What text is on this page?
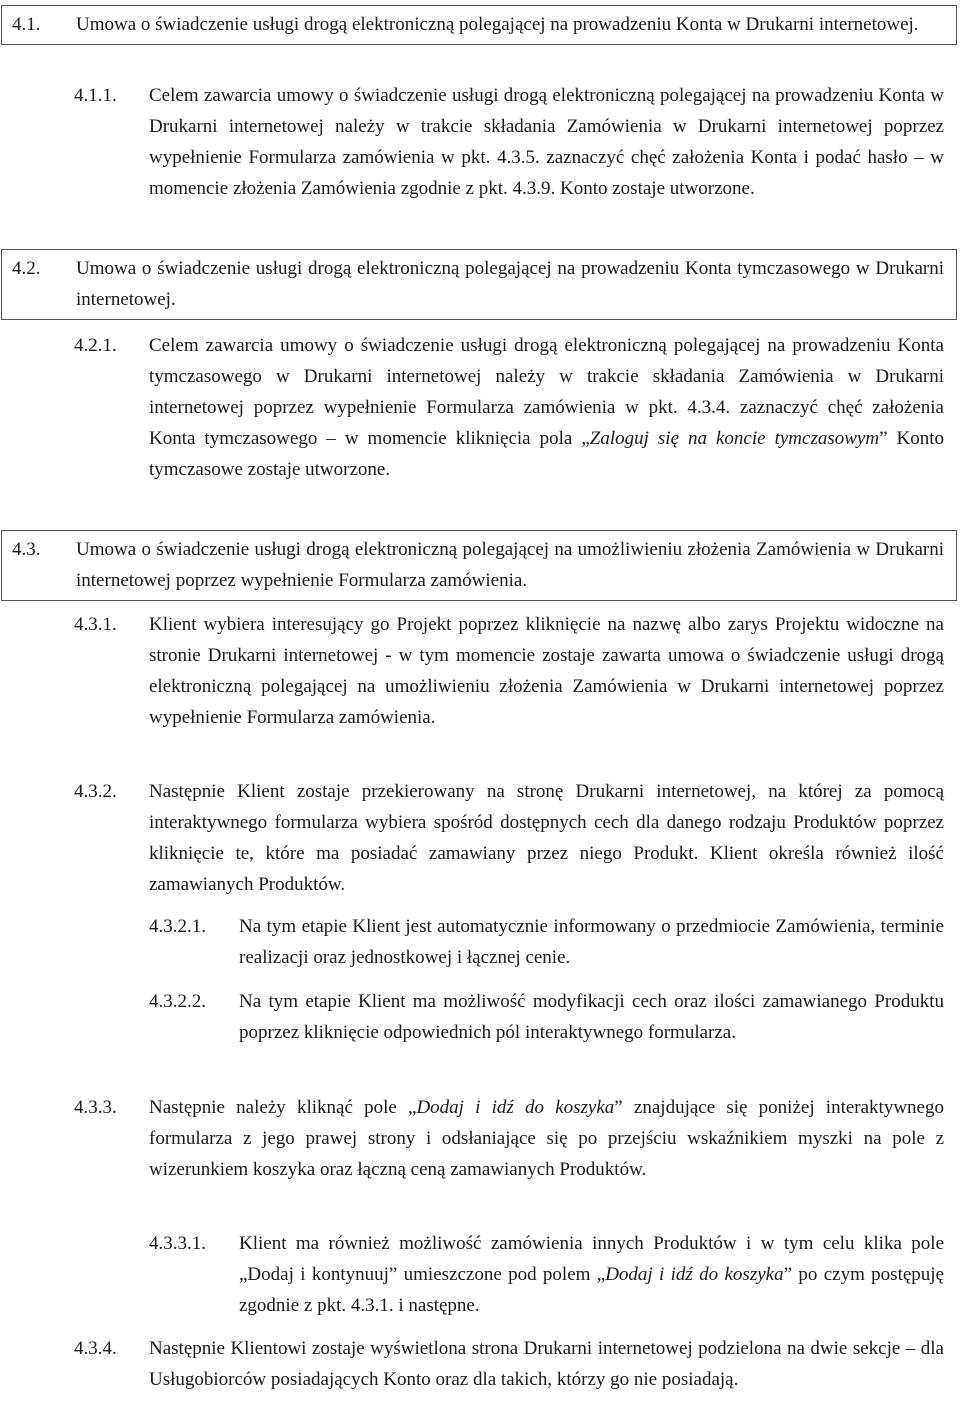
4.1.	Umowa o świadczenie usługi drogą elektroniczną polegającej na prowadzeniu Konta w Drukarni internetowej.
4.1.1. Celem zawarcia umowy o świadczenie usługi drogą elektroniczną polegającej na prowadzeniu Konta w Drukarni internetowej należy w trakcie składania Zamówienia w Drukarni internetowej poprzez wypełnienie Formularza zamówienia w pkt. 4.3.5. zaznaczyć chęć założenia Konta i podać hasło – w momencie złożenia Zamówienia zgodnie z pkt. 4.3.9. Konto zostaje utworzone.
4.2.	Umowa o świadczenie usługi drogą elektroniczną polegającej na prowadzeniu Konta tymczasowego w Drukarni internetowej.
4.2.1. Celem zawarcia umowy o świadczenie usługi drogą elektroniczną polegającej na prowadzeniu Konta tymczasowego w Drukarni internetowej należy w trakcie składania Zamówienia w Drukarni internetowej poprzez wypełnienie Formularza zamówienia w pkt. 4.3.4. zaznaczyć chęć założenia Konta tymczasowego – w momencie kliknięcia pola „Zaloguj się na koncie tymczasowym” Konto tymczasowe zostaje utworzone.
4.3.	Umowa o świadczenie usługi drogą elektroniczną polegającej na umożliwieniu złożenia Zamówienia w Drukarni internetowej poprzez wypełnienie Formularza zamówienia.
4.3.1. Klient wybiera interesujący go Projekt poprzez kliknięcie na nazwę albo zarys Projektu widoczne na stronie Drukarni internetowej - w tym momencie zostaje zawarta umowa o świadczenie usługi drogą elektroniczną polegającej na umożliwieniu złożenia Zamówienia w Drukarni internetowej poprzez wypełnienie Formularza zamówienia.
4.3.2. Następnie Klient zostaje przekierowany na stronę Drukarni internetowej, na której za pomocą interaktywnego formularza wybiera spośród dostępnych cech dla danego rodzaju Produktów poprzez kliknięcie te, które ma posiadać zamawiany przez niego Produkt. Klient określa również ilość zamawianych Produktów.
4.3.2.1. Na tym etapie Klient jest automatycznie informowany o przedmiocie Zamówienia, terminie realizacji oraz jednostkowej i łącznej cenie.
4.3.2.2. Na tym etapie Klient ma możliwość modyfikacji cech oraz ilości zamawianego Produktu poprzez kliknięcie odpowiednich pól interaktywnego formularza.
4.3.3. Następnie należy kliknąć pole „Dodaj i idź do koszyka” znajdujące się poniżej interaktywnego formularza z jego prawej strony i odsłaniające się po przejściu wskaźnikiem myszki na pole z wizerunkiem koszyka oraz łączną ceną zamawianych Produktów.
4.3.3.1. Klient ma również możliwość zamówienia innych Produktów i w tym celu klika pole „Dodaj i kontynuuj” umieszczone pod polem „Dodaj i idź do koszyka” po czym postępuję zgodnie z pkt. 4.3.1. i następne.
4.3.4. Następnie Klientowi zostaje wyświetlona strona Drukarni internetowej podzielona na dwie sekcje – dla Usługobiorców posiadających Konto oraz dla takich, którzy go nie posiadają.
